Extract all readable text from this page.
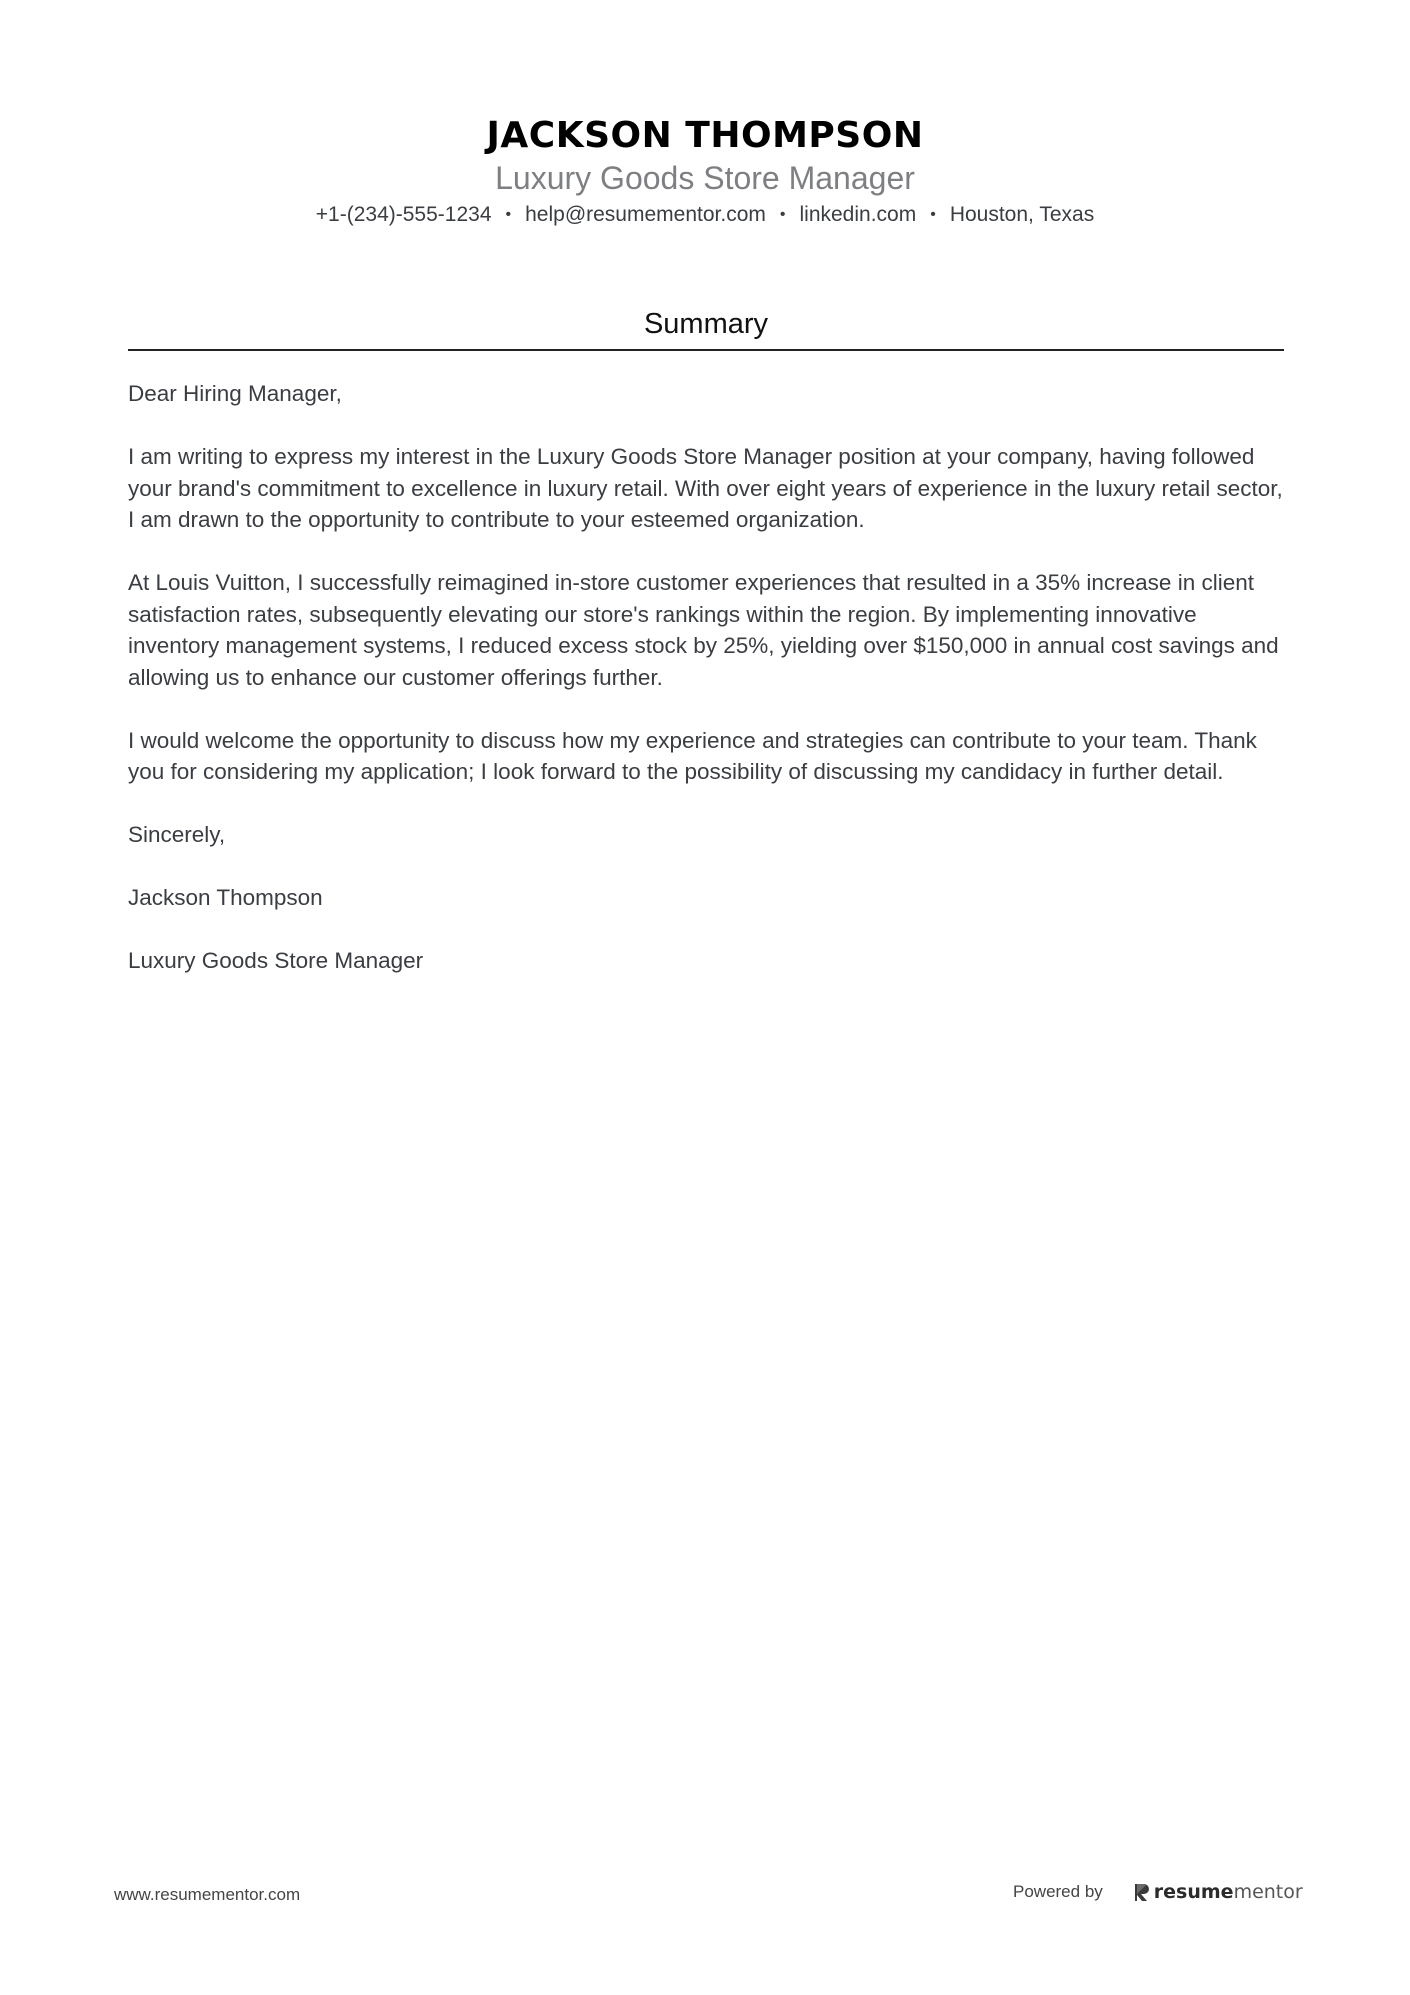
JACKSON THOMPSON
Luxury Goods Store Manager
+1-(234)-555-1234 • help@resumementor.com • linkedin.com • Houston, Texas
Summary

Dear Hiring Manager,

I am writing to express my interest in the Luxury Goods Store Manager position at your company, having followed your brand's commitment to excellence in luxury retail. With over eight years of experience in the luxury retail sector, I am drawn to the opportunity to contribute to your esteemed organization.

At Louis Vuitton, I successfully reimagined in-store customer experiences that resulted in a 35% increase in client satisfaction rates, subsequently elevating our store's rankings within the region. By implementing innovative inventory management systems, I reduced excess stock by 25%, yielding over $150,000 in annual cost savings and allowing us to enhance our customer offerings further.

I would welcome the opportunity to discuss how my experience and strategies can contribute to your team. Thank you for considering my application; I look forward to the possibility of discussing my candidacy in further detail.

Sincerely,

Jackson Thompson

Luxury Goods Store Manager

www.resumementor.com	Powered by	resume mentor
